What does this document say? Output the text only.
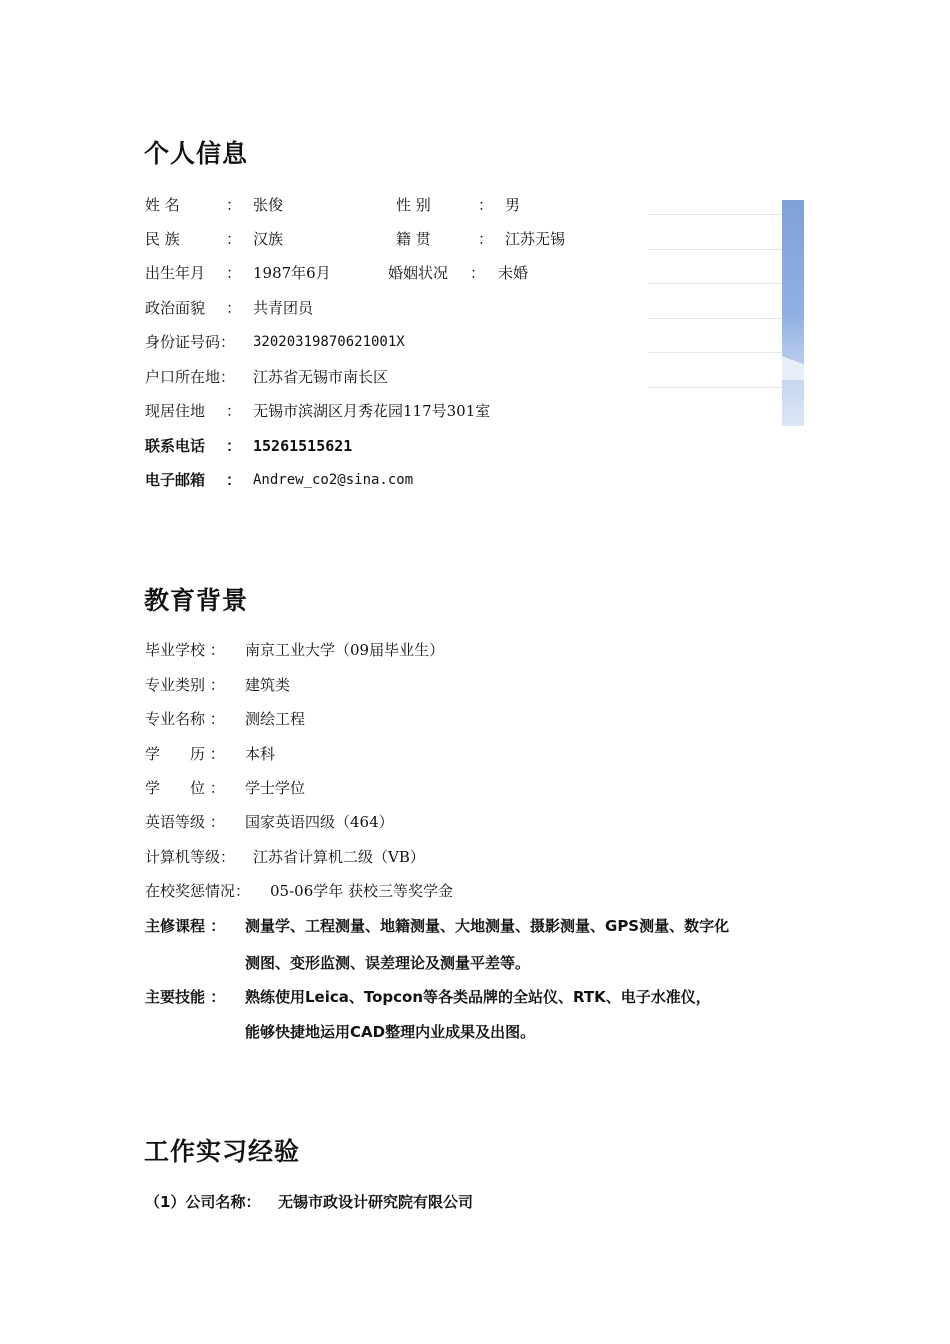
个人信息
姓 名	： 张俊	性 别	： 男
民 族	： 汉族	籍 贯	： 江苏无锡
出生年月 ： 1987年6月	婚姻状况 ： 未婚
政治面貌 ： 共青团员
身份证号码： 32020319870621001X
户口所在地： 江苏省无锡市南长区
现居住地 ： 无锡市滨湖区月秀花园117号301室
联系电话 ： 15261515621
电子邮箱 ： Andrew_co2@sina.com
教育背景
毕业学校 ： 南京工业大学（09届毕业生）
专业类别 ： 建筑类
专业名称 ： 测绘工程
学　　历 ： 本科
学　　位 ： 学士学位
英语等级 ： 国家英语四级（464）
计算机等级： 江苏省计算机二级（VB）
在校奖惩情况： 05-06学年 获校三等奖学金
主修课程 ： 测量学、工程测量、地籍测量、大地测量、摄影测量、GPS测量、数字化
测图、变形监测、误差理论及测量平差等。
主要技能 ： 熟练使用Leica、Topcon等各类品牌的全站仪、RTK、电子水准仪，
能够快捷地运用CAD整理内业成果及出图。
工作实习经验
（1）公司名称： 无锡市政设计研究院有限公司
